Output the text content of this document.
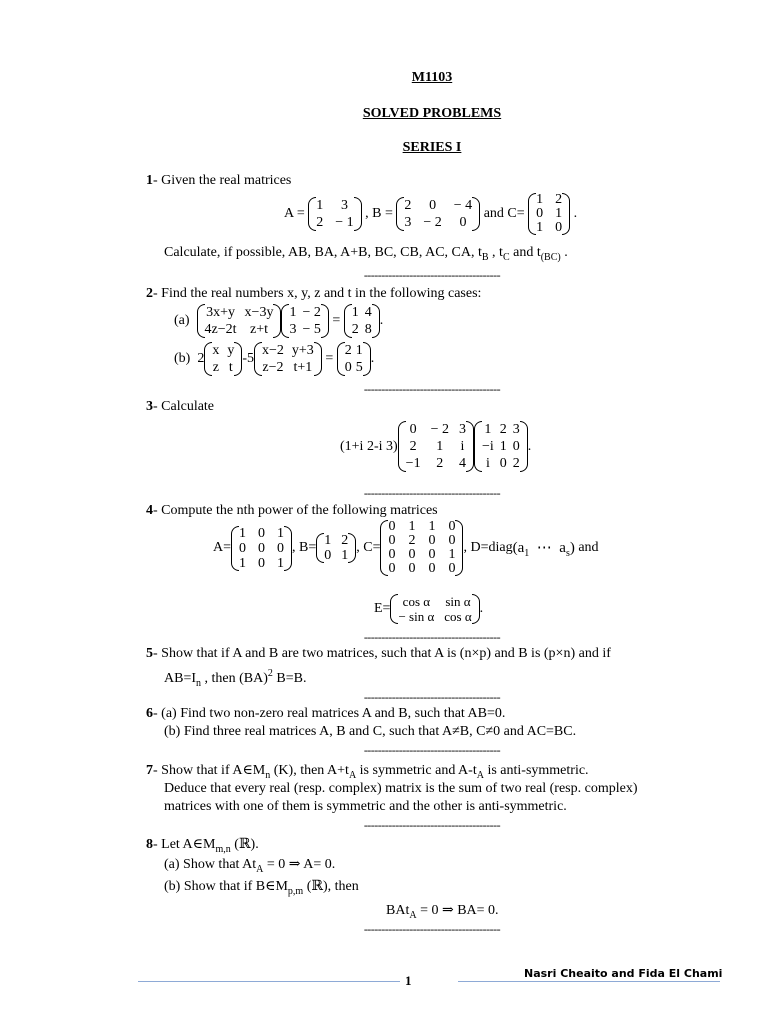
M1103
SOLVED PROBLEMS
SERIES I
1- Given the real matrices
A =
1	3
2 − 1
, B =
2	0	− 4
3 − 2	0
and C=
1 2
0 1
1 0
.
Calculate, if possible, AB, BA, A+B, BC, CB, AC, CA, $t_B$ , $t_C$ and $t_{(BC)}$ .
---------------------------------------
2- Find the real numbers x, y, z and t in the following cases:
(a)
3x+y x−3y
4z−2t z+t
1 − 2
3 − 5
=
1 4
2 8
.
(b) 2
x y
z t
-5
x−2 y+3
z−2 t+1
=
2 1
0 5
.
---------------------------------------
3- Calculate
(1+i 2-i 3)
0 − 2 3
2	1	i
−1	2	4
1 2 3
−i 1 0
i 0 2
.
---------------------------------------
4- Compute the nth power of the following matrices
A=
1 0 1
0 0 0
1 0 1
, B= 1 2
0 1
, C=
0 1 1 0
0 2 0 0
0 0 0 1
0 0 0 0
, $D=diag(a_1$ ⋯ $a_s$) and
E= cos α	sin α
− sin α cos α
.
---------------------------------------
5- Show that if A and B are two matrices, such that A is (n×p) and B is (p×n) and if
$AB=I_n$ , then (BA)$^2$ B=B.
---------------------------------------
6- (a) Find two non-zero real matrices A and B, such that AB=0.
(b) Find three real matrices A, B and C, such that A≠B, C≠0 and AC=BC.
---------------------------------------
7- Show that if $A\in M_n$ (K), then $A+t_A$ is symmetric and $A-t_A$ is anti-symmetric.
Deduce that every real (resp. complex) matrix is the sum of two real (resp. complex)
matrices with one of them is symmetric and the other is anti-symmetric.
---------------------------------------
8- Let $A\in M_{m,n}$ (ℝ).
(a) Show that $At_A = 0$ ⇒ A= 0.
(b) Show that if $B\in M_{p,m}$ (ℝ), then
BAt$_A$ = 0 ⇒ BA= 0.
---------------------------------------
Nasri Cheaito and Fida El Chami
1
